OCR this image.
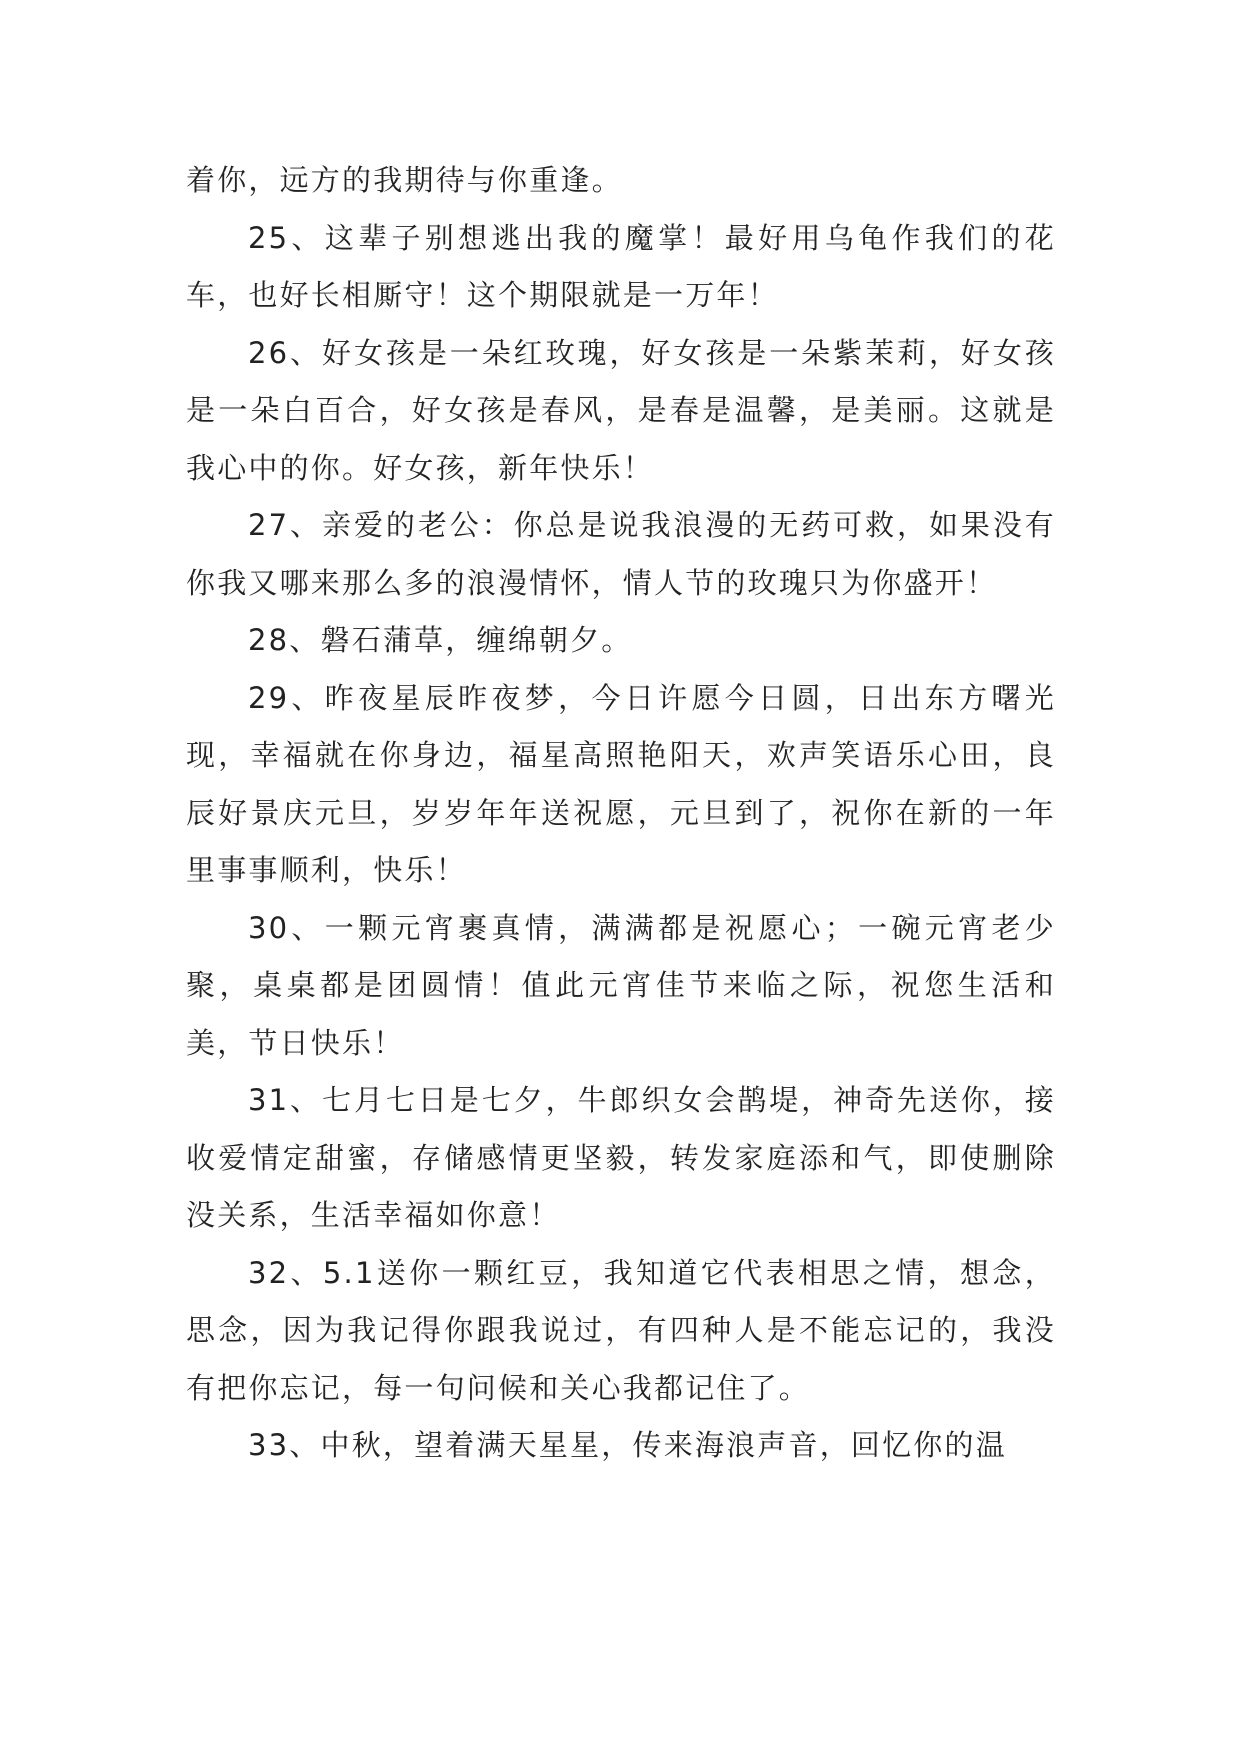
着你，远方的我期待与你重逢。

25、这辈子别想逃出我的魔掌！最好用乌龟作我们的花车，也好长相厮守！这个期限就是一万年！

26、好女孩是一朵红玫瑰，好女孩是一朵紫茉莉，好女孩是一朵白百合，好女孩是春风，是春是温馨，是美丽。这就是我心中的你。好女孩，新年快乐！

27、亲爱的老公：你总是说我浪漫的无药可救，如果没有你我又哪来那么多的浪漫情怀，情人节的玫瑰只为你盛开！

28、磐石蒲草，缠绵朝夕。

29、昨夜星辰昨夜梦，今日许愿今日圆，日出东方曙光现，幸福就在你身边，福星高照艳阳天，欢声笑语乐心田，良辰好景庆元旦，岁岁年年送祝愿，元旦到了，祝你在新的一年里事事顺利，快乐！

30、一颗元宵裹真情，满满都是祝愿心；一碗元宵老少聚，桌桌都是团圆情！值此元宵佳节来临之际，祝您生活和美，节日快乐！

31、七月七日是七夕，牛郎织女会鹊堤，神奇先送你，接收爱情定甜蜜，存储感情更坚毅，转发家庭添和气，即使删除没关系，生活幸福如你意！

32、5.1送你一颗红豆，我知道它代表相思之情，想念，思念，因为我记得你跟我说过，有四种人是不能忘记的，我没有把你忘记，每一句问候和关心我都记住了。

33、中秋，望着满天星星，传来海浪声音，回忆你的温
